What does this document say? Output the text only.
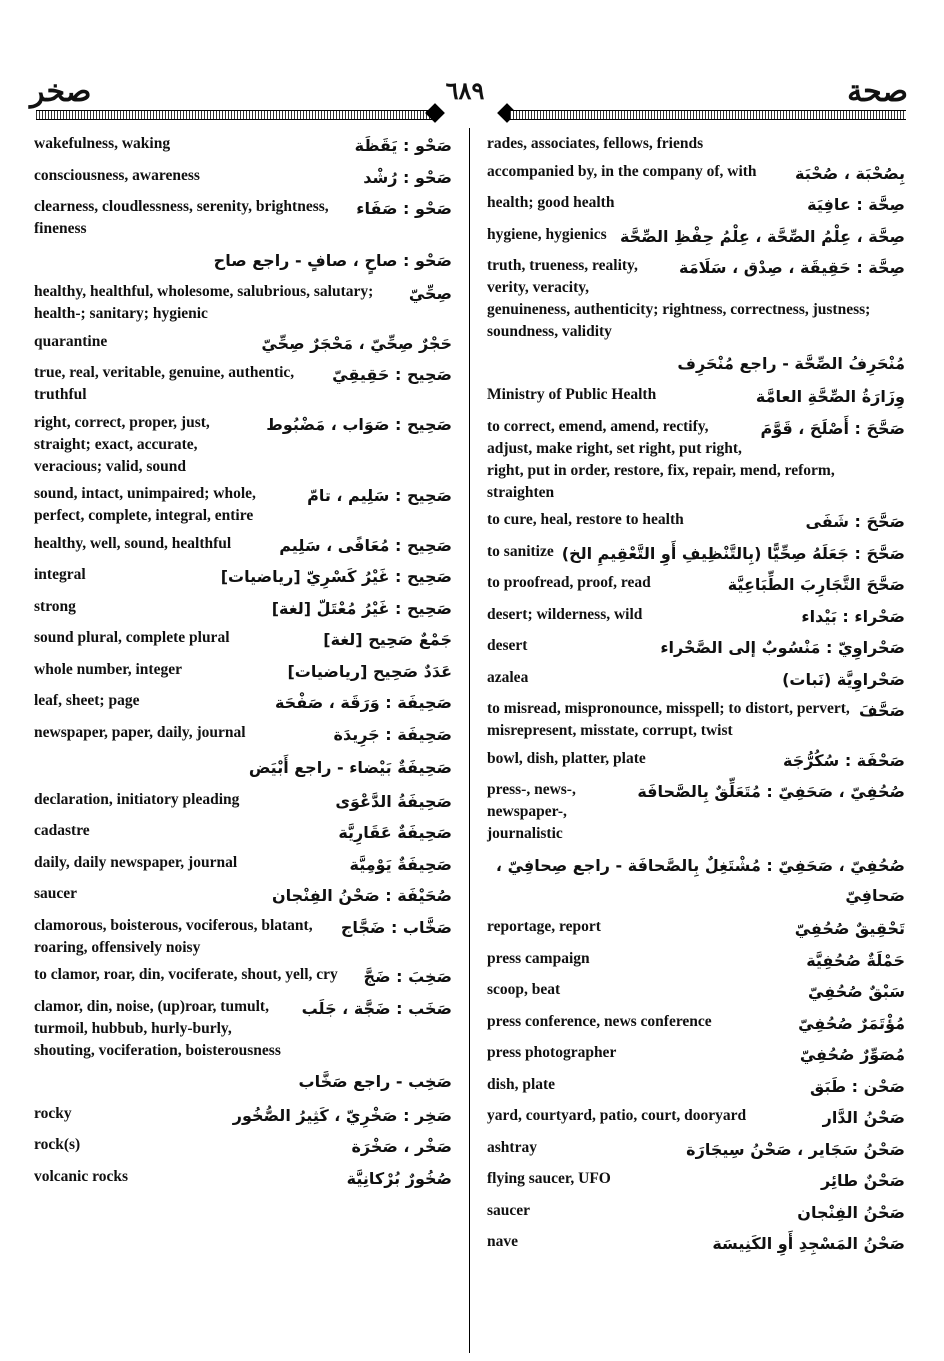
صحة
٦٨٩
صخر
صَحْو : يَقَظَة
wakefulness, waking
صَحْو : رُشْد
consciousness, awareness
صَحْو : صَفَاء
clearness, cloudlessness, serenity, brightness, fineness
صَحْو : صاحٍ ، صافٍ - راجع صاح
صِحِّيّ
healthy, healthful, wholesome, salubrious, salutary; health-; sanitary; hygienic
حَجْرٌ صِحِّيّ ، مَحْجَرٌ صِحِّيّ
quarantine
صَحِيح : حَقِيقِيّ
true, real, veritable, genuine, authentic, truthful
صَحِيح : صَوَاب ، مَضْبُوط
right, correct, proper, just, straight; exact, accurate, veracious; valid, sound
صَحِيح : سَلِيم ، تامّ
sound, intact, unimpaired; whole, perfect, complete, integral, entire
صَحِيح : مُعَافًى ، سَلِيم
healthy, well, sound, healthful
صَحِيح : غَيْرُ كَسْرِيّ [رياضيات]
integral
صَحِيح : غَيْرُ مُعْتَلّ [لغة]
strong
جَمْعٌ صَحِيح [لغة]
sound plural, complete plural
عَدَدٌ صَحِيح [رياضيات]
whole number, integer
صَحِيفَة : وَرَقَة ، صَفْحَة
leaf, sheet; page
صَحِيفَة : جَرِيدَة
newspaper, paper, daily, journal
صَحِيفَةٌ بَيْضاء - راجع أَبْيَض
صَحِيفَةُ الدَّعْوَى
declaration, initiatory pleading
صَحِيفَةٌ عَقَارِيَّة
cadastre
صَحِيفَةٌ يَوْمِيَّة
daily, daily newspaper, journal
صُحَيْفَة : صَحْنُ الفِنْجان
saucer
صَخَّاب : ضَجَّاج
clamorous, boisterous, vociferous, blatant, roaring, offensively noisy
صَخِبَ : ضَجَّ
to clamor, roar, din, vociferate, shout, yell, cry
صَخَب : ضَجَّة ، جَلَب
clamor, din, noise, (up)roar, tumult, turmoil, hubbub, hurly-burly, shouting, vociferation, boisterousness
صَخِب - راجع صَخَّاب
صَخِر : صَخْرِيّ ، كَثِيرُ الصُّخُور
rocky
صَخْر ، صَخْرَة
rock(s)
صُخُورٌ بُرْكانِيَّة
volcanic rocks
rades, associates, fellows, friends
بِصُحْبَة ، صُحْبَة
accompanied by, in the company of, with
صِحَّة : عافِيَة
health; good health
صِحَّة ، عِلْمُ الصِّحَّة ، عِلْمُ حِفْظِ الصِّحَّة
hygiene, hygienics
صِحَّة : حَقِيقَة ، صِدْق ، سَلَامَة
truth, trueness, reality, verity, veracity, genuineness, authenticity; rightness, correctness, justness; soundness, validity
مُنْحَرِفُ الصِّحَّة - راجع مُنْحَرِف
وِزَارَةُ الصِّحَّةِ العامَّة
Ministry of Public Health
صَحَّحَ : أَصْلَحَ ، قَوَّمَ
to correct, emend, amend, rectify, adjust, make right, set right, put right, right, put in order, restore, fix, repair, mend, reform, straighten
صَحَّحَ : شَفَى
to cure, heal, restore to health
صَحَّحَ : جَعَلَهُ صِحِّيًّا (بِالتَّنْظِيفِ أَوِ التَّعْقِيمِ الخ)
to sanitize
صَحَّحَ التَّجَارِبَ الطِّبَاعِيَّة
to proofread, proof, read
صَحْراء : بَيْداء
desert; wilderness, wild
صَحْراوِيّ : مَنْسُوبٌ إلى الصَّحْراء
desert
صَحْراوِيَّة (نَبات)
azalea
صَحَّفَ
to misread, mispronounce, misspell; to distort, pervert, misrepresent, misstate, corrupt, twist
صَحْفَة : سُكُرُّجَة
bowl, dish, platter, plate
صُحُفِيّ ، صَحَفِيّ : مُتَعَلِّقٌ بِالصَّحافَة
press-, news-, newspaper-, journalistic
صُحُفِيّ ، صَحَفِيّ : مُشْتَغِلٌ بِالصَّحافَة - راجع صِحافِيّ ، صَحافِيّ
تَحْقِيقٌ صُحُفِيّ
reportage, report
حَمْلَةٌ صُحُفِيَّة
press campaign
سَبْقٌ صُحُفِيّ
scoop, beat
مُؤْتَمَرٌ صُحُفِيّ
press conference, news conference
مُصَوِّرٌ صُحُفِيّ
press photographer
صَحْن : طَبَق
dish, plate
صَحْنُ الدَّار
yard, courtyard, patio, court, dooryard
صَحْنُ سَجَاير ، صَحْنُ سِيجَارَة
ashtray
صَحْنٌ طائِر
flying saucer, UFO
صَحْنُ الفِنْجان
saucer
صَحْنُ المَسْجِدِ أَوِ الكَنِيسَة
nave
